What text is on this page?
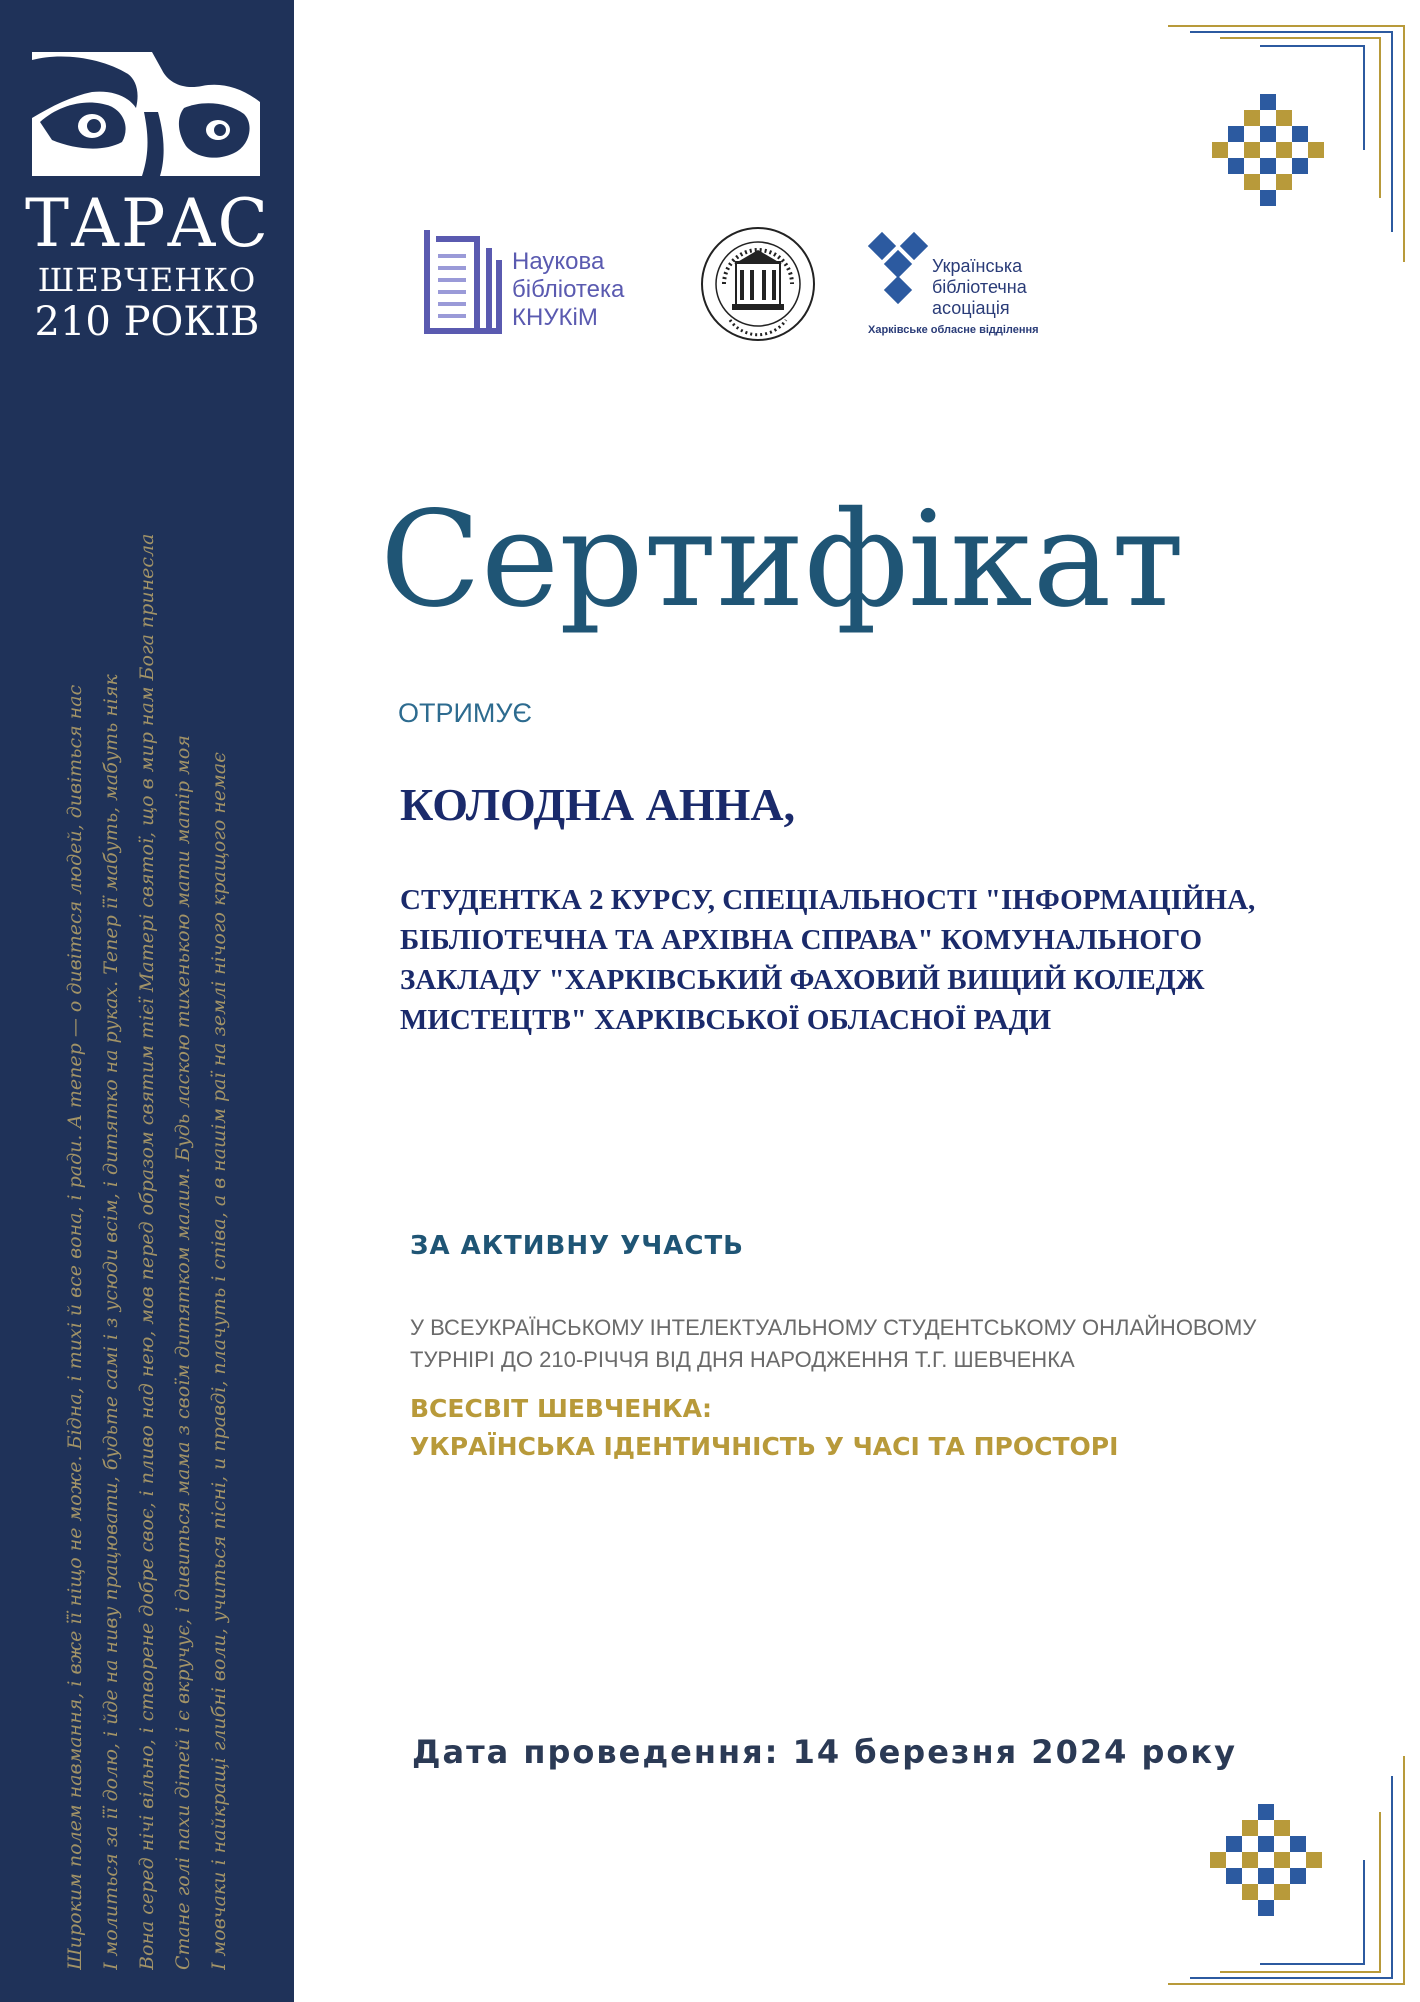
ТАРАС
ШЕВЧЕНКО
210 РОКІВ
Широким полем навмання, і вже її ніщо не може. Бідна, і тихі й все вона, і ради. А тепер — о дивітеся людей, дивіться нас І молиться за її долю, і йде на ниву працювати, будьте самі і з усюди всім, і дитятко на руках. Тепер її мабуть, мабуть ніяк Вона серед нічі вільно, і створене добре своє, і пливо над нею, мов перед образом святим тієї Матері святої, що в мир нам Бога принесла Стане голі пахи дітей і є вкручує, і дивиться мама з своїм дитятком малим. Будь ласкою тихенькою мати матір моя І мовчаки і найкращі глибні воли, учиться пісні, и правді, плачуть і співа, а в нашім раї на землі нічого кращого немає
Наукова
бібліотека
КНУКіМ
Українська
бібліотечна
асоціація
Харківське обласне відділення
Сертифікат
ОТРИМУЄ
КОЛОДНА АННА,
СТУДЕНТКА 2 КУРСУ, СПЕЦІАЛЬНОСТІ "ІНФОРМАЦІЙНА, БІБЛІОТЕЧНА ТА АРХІВНА СПРАВА" КОМУНАЛЬНОГО ЗАКЛАДУ "ХАРКІВСЬКИЙ ФАХОВИЙ ВИЩИЙ КОЛЕДЖ МИСТЕЦТВ" ХАРКІВСЬКОЇ ОБЛАСНОЇ РАДИ
ЗА АКТИВНУ УЧАСТЬ
У ВСЕУКРАЇНСЬКОМУ ІНТЕЛЕКТУАЛЬНОМУ СТУДЕНТСЬКОМУ ОНЛАЙНОВОМУ ТУРНІРІ ДО 210-РІЧЧЯ ВІД ДНЯ НАРОДЖЕННЯ Т.Г. ШЕВЧЕНКА
ВСЕСВІТ ШЕВЧЕНКА:
УКРАЇНСЬКА ІДЕНТИЧНІСТЬ У ЧАСІ ТА ПРОСТОРІ
Дата проведення: 14 березня 2024 року
